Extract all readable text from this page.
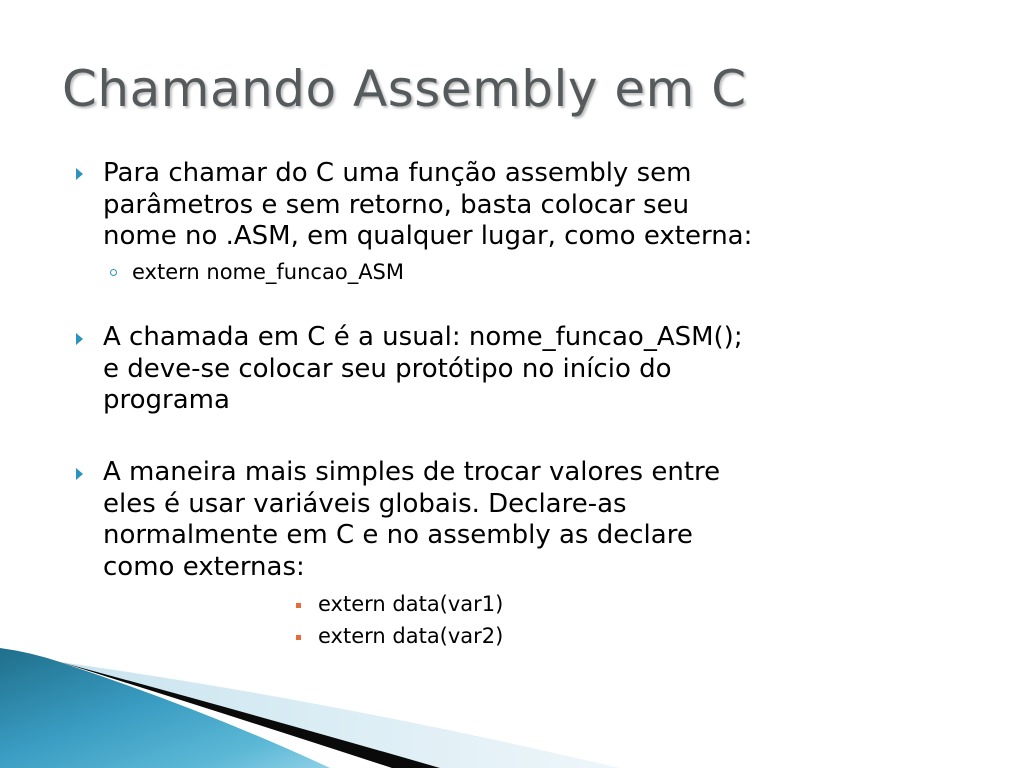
Chamando Assembly em C
Para chamar do C uma função assembly sem
parâmetros e sem retorno, basta colocar seu
nome no .ASM, em qualquer lugar, como externa:
extern nome_funcao_ASM
A chamada em C é a usual: nome_funcao_ASM();
e deve-se colocar seu protótipo no início do
programa
A maneira mais simples de trocar valores entre
eles é usar variáveis globais. Declare-as
normalmente em C e no assembly as declare
como externas:
extern data(var1)
extern data(var2)
